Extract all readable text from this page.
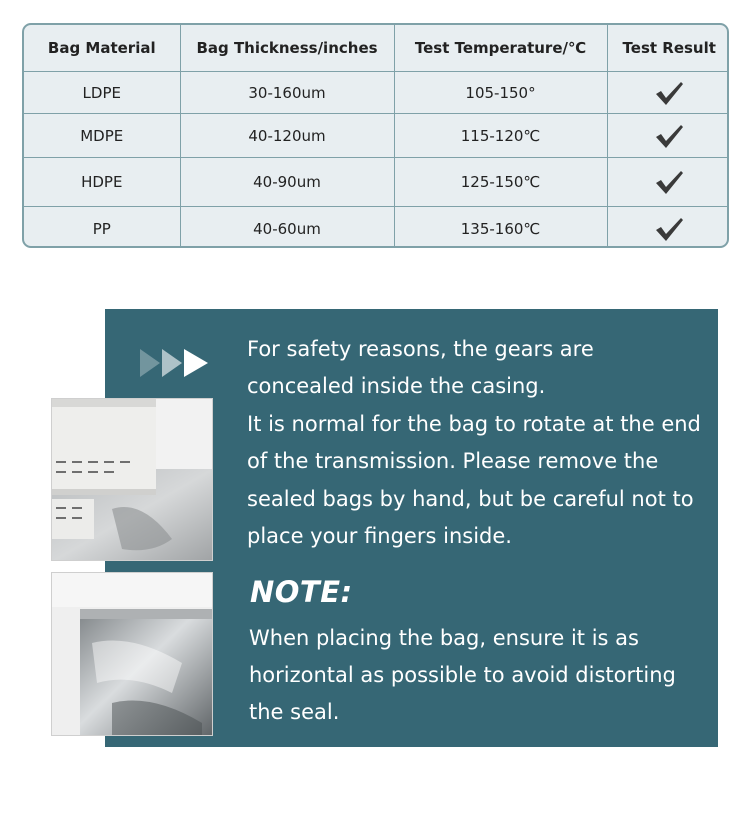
Bag Material	Bag Thickness/inches	Test Temperature/℃	Test Result
LDPE	30-160um	105-150°	

MDPE	40-120um	115-120℃	

HDPE	40-90um	125-150℃	

PP	40-60um	135-160℃	
For safety reasons, the gears are concealed inside the casing.
It is normal for the bag to rotate at the end of the transmission. Please remove the sealed bags by hand, but be careful not to place your fingers inside.
NOTE:
When placing the bag, ensure it is as horizontal as possible to avoid distorting the seal.
